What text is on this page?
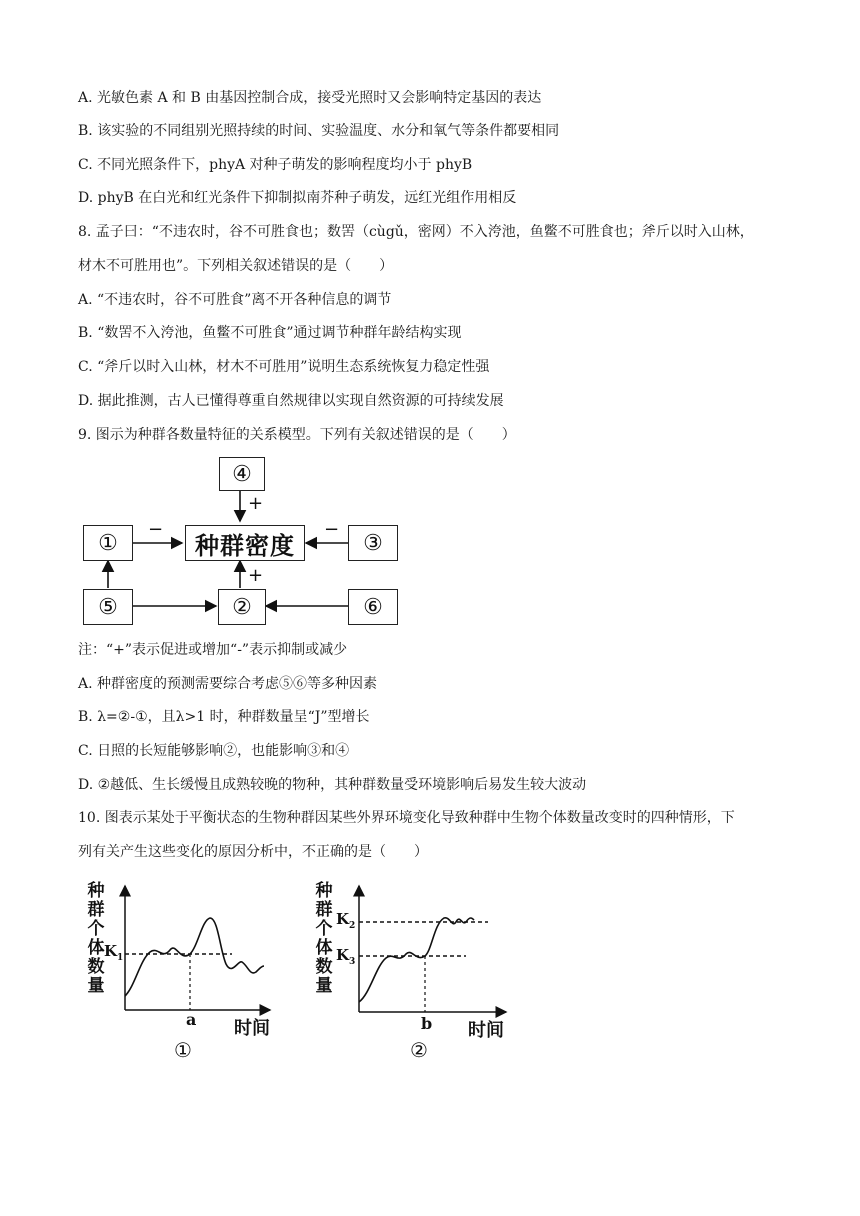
A. 光敏色素 A 和 B 由基因控制合成，接受光照时又会影响特定基因的表达
B. 该实验的不同组别光照持续的时间、实验温度、水分和氧气等条件都要相同
C. 不同光照条件下，phyA 对种子萌发的影响程度均小于 phyB
D. phyB 在白光和红光条件下抑制拟南芥种子萌发，远红光组作用相反
8. 孟子曰：“不违农时，谷不可胜食也；数罟（cùgǔ，密网）不入洿池，鱼鳖不可胜食也；斧斤以时入山林，
材木不可胜用也”。下列相关叙述错误的是（　　）
A. “不违农时，谷不可胜食”离不开各种信息的调节
B. “数罟不入洿池，鱼鳖不可胜食”通过调节种群年龄结构实现
C. “斧斤以时入山林，材木不可胜用”说明生态系统恢复力稳定性强
D. 据此推测，古人已懂得尊重自然规律以实现自然资源的可持续发展
9. 图示为种群各数量特征的关系模型。下列有关叙述错误的是（　　）
④
种群密度
①	③
⑤	②	⑥
+
+
−	−
注：“+”表示促进或增加“-”表示抑制或减少
A. 种群密度的预测需要综合考虑⑤⑥等多种因素
B. λ=②-①，且λ>1 时，种群数量呈“J”型增长
C. 日照的长短能够影响②，也能影响③和④
D. ②越低、生长缓慢且成熟较晚的物种，其种群数量受环境影响后易发生较大波动
10. 图表示某处于平衡状态的生物种群因某些外界环境变化导致种群中生物个体数量改变时的四种情形，下
列有关产生这些变化的原因分析中，不正确的是（　　）
种
群
个
体
数
量
$K_1$
a 时间
①
种
群
个
体
数
量
$K_2$
$K_3$
b 时间
②
